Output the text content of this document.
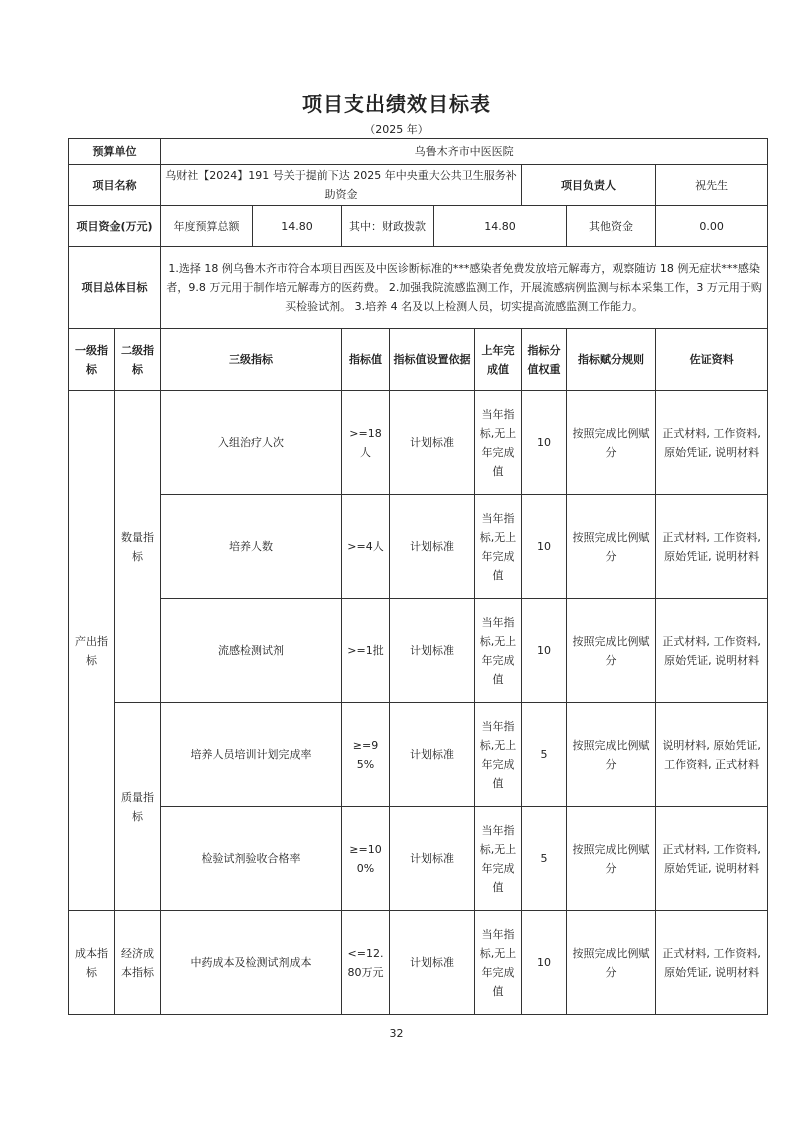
项目支出绩效目标表
（2025 年）
预算单位		乌鲁木齐市中医医院								
项目名称		乌财社【2024】191 号关于提前下达 2025 年中央重大公共卫生服务补助资金						项目负责人		祝先生
项目资金(万元)		年度预算总额	14.80	其中：财政拨款		14.80			其他资金	0.00
项目总体目标		1.选择 18 例乌鲁木齐市符合本项目西医及中医诊断标准的***感染者免费发放培元解毒方，观察随访 18 例无症状***感染者，9.8 万元用于制作培元解毒方的医药费。 2.加强我院流感监测工作，开展流感病例监测与标本采集工作，3 万元用于购买检验试剂。 3.培养 4 名及以上检测人员，切实提高流感监测工作能力。								
一级指标	二级指标	三级指标		指标值	指标值设置依据		上年完成值	指标分值权重	指标赋分规则	佐证资料
产出指标	数量指标	入组治疗人次		>=18人	计划标准		当年指标,无上年完成值	10	按照完成比例赋分	正式材料, 工作资料, 原始凭证, 说明材料
		培养人数		>=4人	计划标准		当年指标,无上年完成值	10	按照完成比例赋分	正式材料, 工作资料, 原始凭证, 说明材料
		流感检测试剂		>=1批	计划标准		当年指标,无上年完成值	10	按照完成比例赋分	正式材料, 工作资料, 原始凭证, 说明材料
	质量指标	培养人员培训计划完成率		≥=95%	计划标准		当年指标,无上年完成值	5	按照完成比例赋分	说明材料, 原始凭证, 工作资料, 正式材料
		检验试剂验收合格率		≥=100%	计划标准		当年指标,无上年完成值	5	按照完成比例赋分	正式材料, 工作资料, 原始凭证, 说明材料
成本指标	经济成本指标	中药成本及检测试剂成本		<=12.80万元	计划标准		当年指标,无上年完成值	10	按照完成比例赋分	正式材料, 工作资料, 原始凭证, 说明材料
32
